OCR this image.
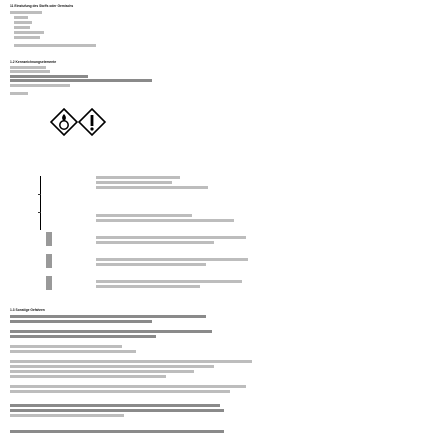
11 Einstufung des Stoffs oder Gemischs
1.2 Kennzeichnungselemente
1.3 Sonstige Gefahren
